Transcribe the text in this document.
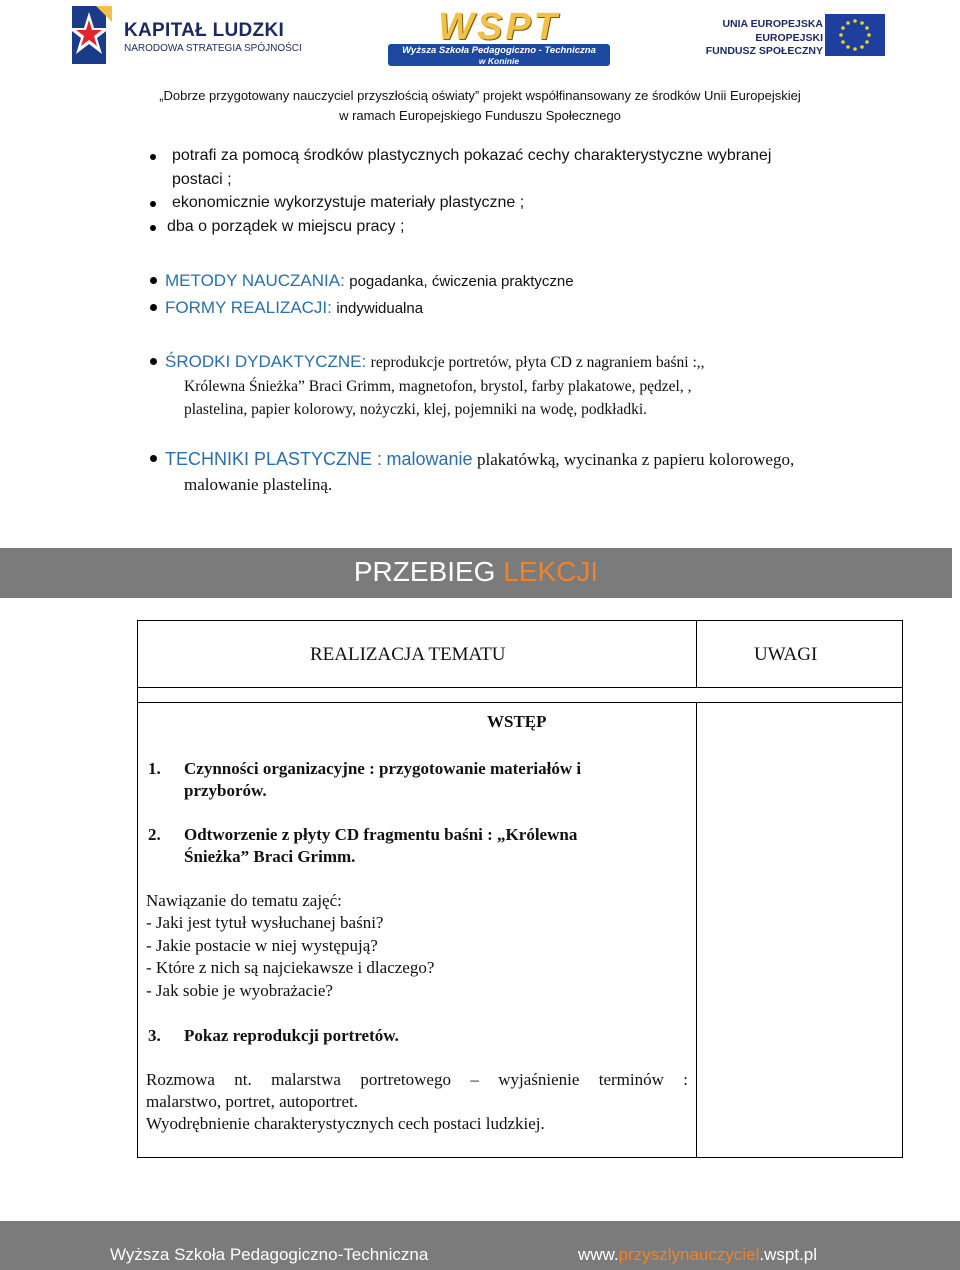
KAPITAŁ LUDZKI
NARODOWA STRATEGIA SPÓJNOŚCI
WSPT
Wyższa Szkoła Pedagogiczno - Techniczna
w Koninie
UNIA EUROPEJSKA
EUROPEJSKI
FUNDUSZ SPOŁECZNY
„Dobrze przygotowany nauczyciel przyszłością oświaty” projekt współfinansowany ze środków Unii Europejskiej
w ramach Europejskiego Funduszu Społecznego
potrafi za pomocą środków plastycznych pokazać cechy charakterystyczne wybranej
postaci ;
ekonomicznie wykorzystuje materiały plastyczne ;
dba o porządek w miejscu pracy ;
METODY NAUCZANIA: pogadanka, ćwiczenia praktyczne
FORMY REALIZACJI: indywidualna
ŚRODKI DYDAKTYCZNE: reprodukcje portretów, płyta CD z nagraniem baśni :,,
Królewna Śnieżka” Braci Grimm, magnetofon, brystol, farby plakatowe, pędzel, ,
plastelina, papier kolorowy, nożyczki, klej, pojemniki na wodę, podkładki.
TECHNIKI PLASTYCZNE : malowanie plakatówką, wycinanka z papieru kolorowego,
malowanie plasteliną.
PRZEBIEG LEKCJI
REALIZACJA TEMATU	UWAGI
WSTĘP
1. Czynności organizacyjne : przygotowanie materiałów i
przyborów.
2. Odtworzenie z płyty CD fragmentu baśni : „Królewna
Śnieżka” Braci Grimm.
Nawiązanie do tematu zajęć:
- Jaki jest tytuł wysłuchanej baśni?
- Jakie postacie w niej występują?
- Które z nich są najciekawsze i dlaczego?
- Jak sobie je wyobrażacie?
3. Pokaz reprodukcji portretów.
Rozmowa nt. malarstwa portretowego – wyjaśnienie terminów :
malarstwo, portret, autoportret.
Wyodrębnienie charakterystycznych cech postaci ludzkiej.
Wyższa Szkoła Pedagogiczno-Techniczna	www.przyszlynauczyciel.wspt.pl
